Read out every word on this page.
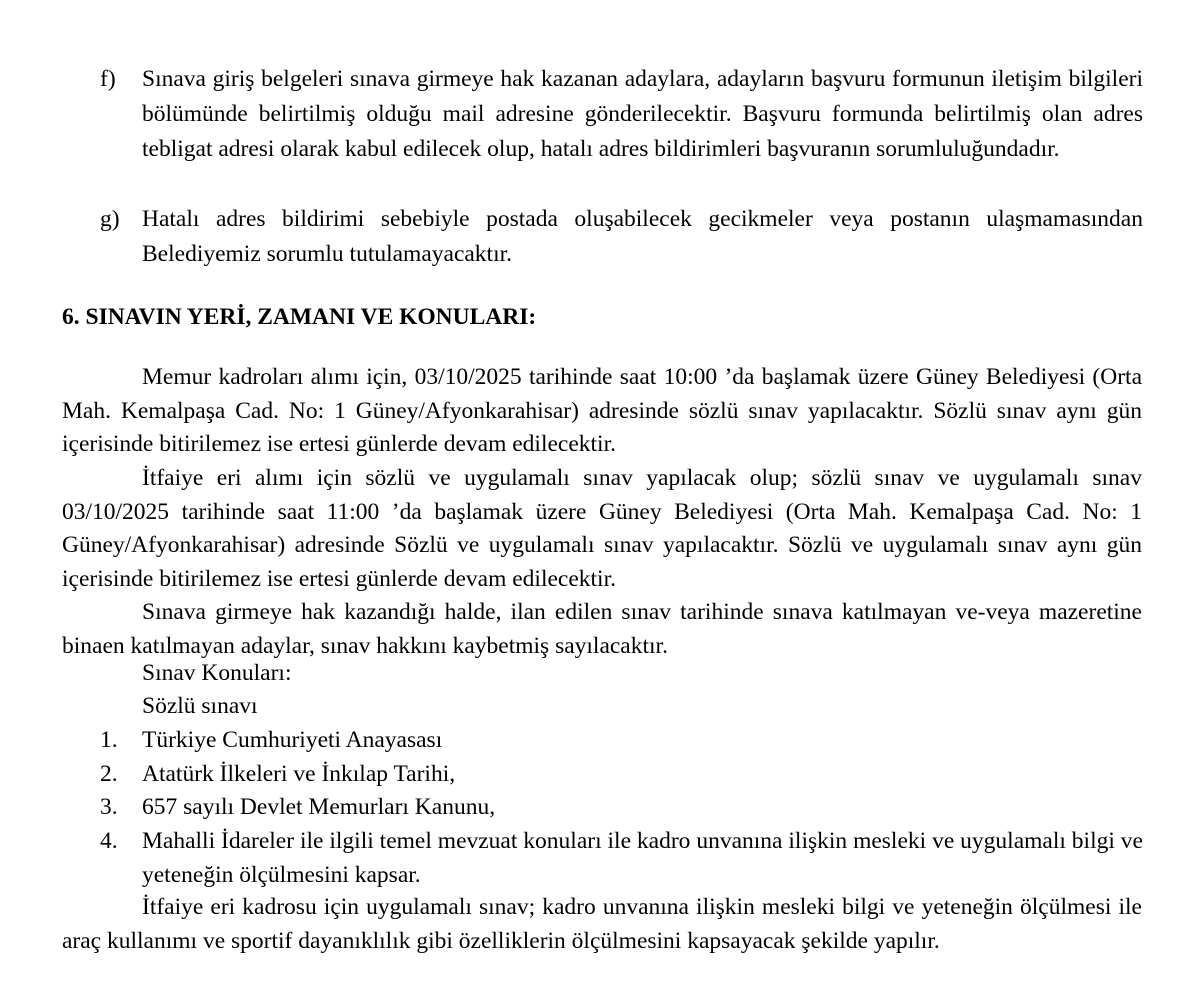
f)	Sınava giriş belgeleri sınava girmeye hak kazanan adaylara, adayların başvuru formunun iletişim bilgileri bölümünde belirtilmiş olduğu mail adresine gönderilecektir. Başvuru formunda belirtilmiş olan adres tebligat adresi olarak kabul edilecek olup, hatalı adres bildirimleri başvuranın sorumluluğundadır.
g) Hatalı adres bildirimi sebebiyle postada oluşabilecek gecikmeler veya postanın ulaşmamasından Belediyemiz sorumlu tutulamayacaktır.
6. SINAVIN YERİ, ZAMANI VE KONULARI:
Memur kadroları alımı için, 03/10/2025 tarihinde saat 10:00 ’da başlamak üzere Güney Belediyesi (Orta Mah. Kemalpaşa Cad. No: 1 Güney/Afyonkarahisar) adresinde sözlü sınav yapılacaktır. Sözlü sınav aynı gün içerisinde bitirilemez ise ertesi günlerde devam edilecektir.
İtfaiye eri alımı için sözlü ve uygulamalı sınav yapılacak olup; sözlü sınav ve uygulamalı sınav 03/10/2025 tarihinde saat 11:00 ’da başlamak üzere Güney Belediyesi (Orta Mah. Kemalpaşa Cad. No: 1 Güney/Afyonkarahisar) adresinde Sözlü ve uygulamalı sınav yapılacaktır. Sözlü ve uygulamalı sınav aynı gün içerisinde bitirilemez ise ertesi günlerde devam edilecektir.
Sınava girmeye hak kazandığı halde, ilan edilen sınav tarihinde sınava katılmayan ve-veya mazeretine binaen katılmayan adaylar, sınav hakkını kaybetmiş sayılacaktır.
Sınav Konuları:
Sözlü sınavı
1.	Türkiye Cumhuriyeti Anayasası
2.	Atatürk İlkeleri ve İnkılap Tarihi,
3.	657 sayılı Devlet Memurları Kanunu,
4.	Mahalli İdareler ile ilgili temel mevzuat konuları ile kadro unvanına ilişkin mesleki ve uygulamalı bilgi ve yeteneğin ölçülmesini kapsar.
İtfaiye eri kadrosu için uygulamalı sınav; kadro unvanına ilişkin mesleki bilgi ve yeteneğin ölçülmesi ile araç kullanımı ve sportif dayanıklılık gibi özelliklerin ölçülmesini kapsayacak şekilde yapılır.
